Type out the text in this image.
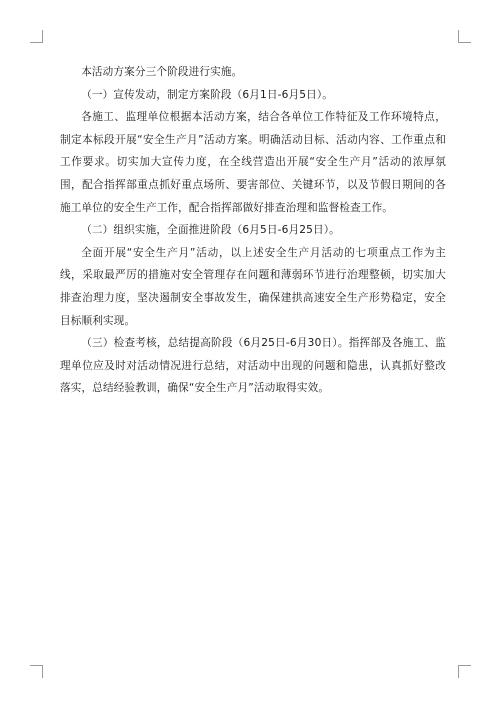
本活动方案分三个阶段进行实施。

（一）宣传发动，制定方案阶段（6月1日-6月5日）。

各施工、监理单位根据本活动方案，结合各单位工作特征及工作环境特点，制定本标段开展“安全生产月”活动方案。明确活动目标、活动内容、工作重点和工作要求。切实加大宣传力度，在全线营造出开展“安全生产月”活动的浓厚氛围，配合指挥部重点抓好重点场所、要害部位、关键环节，以及节假日期间的各施工单位的安全生产工作，配合指挥部做好排查治理和监督检查工作。

（二）组织实施，全面推进阶段（6月5日-6月25日）。

全面开展“安全生产月”活动，以上述安全生产月活动的七项重点工作为主线，采取最严厉的措施对安全管理存在问题和薄弱环节进行治理整顿，切实加大排查治理力度，坚决遏制安全事故发生，确保建拱高速安全生产形势稳定，安全目标顺利实现。

（三）检查考核，总结提高阶段（6月25日-6月30日）。指挥部及各施工、监理单位应及时对活动情况进行总结，对活动中出现的问题和隐患，认真抓好整改落实，总结经验教训，确保“安全生产月”活动取得实效。
